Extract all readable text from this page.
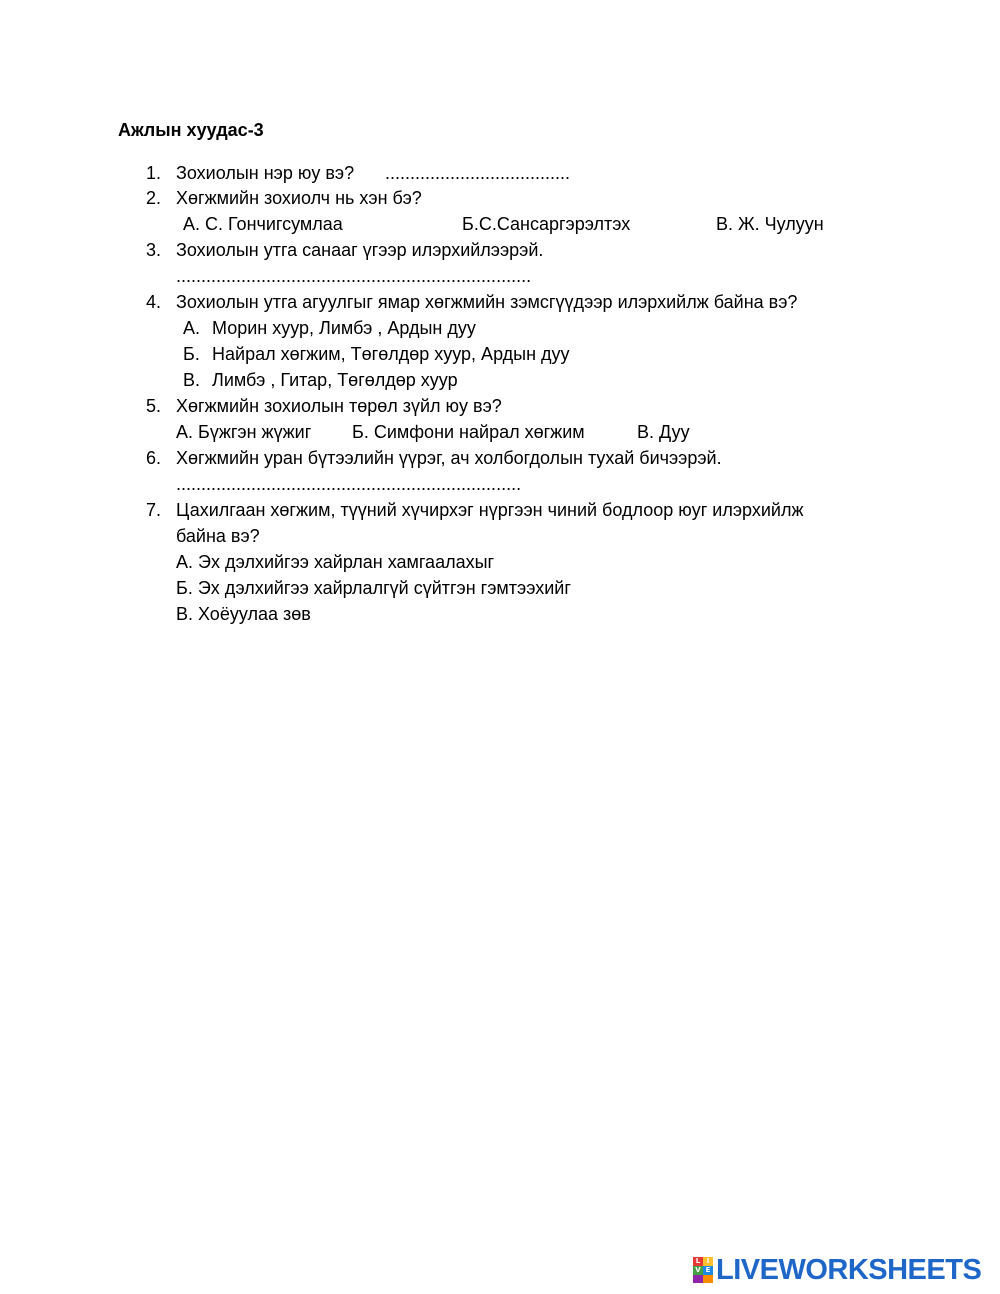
Ажлын хуудас-3
1. Зохиолын нэр юу вэ? .....................................
2. Хөгжмийн зохиолч нь хэн бэ?
А. С. Гончигсумлаа	Б.С.Сансаргэрэлтэх	В. Ж. Чулуун
3. Зохиолын утга санааг үгээр илэрхийлээрэй.
.......................................................................
4. Зохиолын утга агуулгыг ямар хөгжмийн зэмсгүүдээр илэрхийлж байна вэ?
А. Морин хуур, Лимбэ , Ардын дуу
Б. Найрал хөгжим, Төгөлдөр хуур, Ардын дуу
В. Лимбэ , Гитар, Төгөлдөр хуур
5. Хөгжмийн зохиолын төрөл зүйл юу вэ?
А. Бүжгэн жүжиг Б. Симфони найрал хөгжим	В. Дуу
6. Хөгжмийн уран бүтээлийн үүрэг, ач холбогдолын тухай бичээрэй.
.....................................................................
7. Цахилгаан хөгжим, түүний хүчирхэг нүргээн чиний бодлоор юуг илэрхийлж
байна вэ?
А. Эх дэлхийгээ хайрлан хамгаалахыг
Б. Эх дэлхийгээ хайрлалгүй сүйтгэн гэмтээхийг
В. Хоёуулаа зөв
L I
V E LIVEWORKSHEETS
